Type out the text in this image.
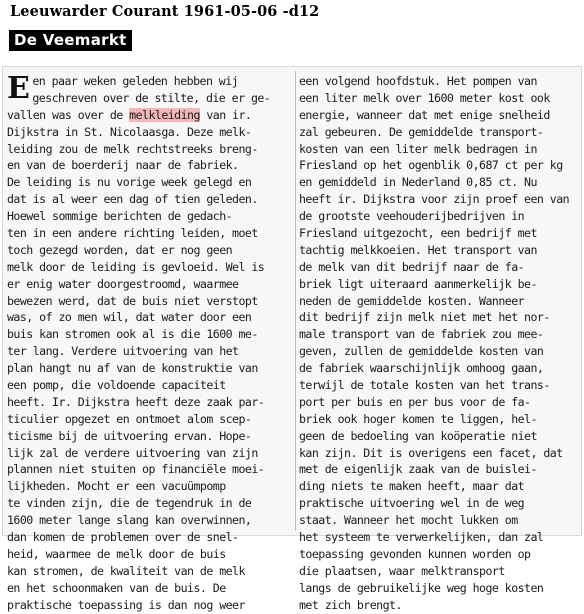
Leeuwarder Courant 1961-05-06 -d12
De Veemarkt
E en paar weken geleden hebben wij
geschreven over de stilte, die er ge-
vallen was over de melkleiding van ir.
Dijkstra in St. Nicolaasga. Deze melk-
leiding zou de melk rechtstreeks breng-
en van de boerderij naar de fabriek.
De leiding is nu vorige week gelegd en
dat is al weer een dag of tien geleden.
Hoewel sommige berichten de gedach-
ten in een andere richting leiden, moet
toch gezegd worden, dat er nog geen
melk door de leiding is gevloeid. Wel is
er enig water doorgestroomd, waarmee
bewezen werd, dat de buis niet verstopt
was, of zo men wil, dat water door een
buis kan stromen ook al is die 1600 me-
ter lang. Verdere uitvoering van het
plan hangt nu af van de konstruktie van
een pomp, die voldoende capaciteit
heeft. Ir. Dijkstra heeft deze zaak par-
ticulier opgezet en ontmoet alom scep-
ticisme bij de uitvoering ervan. Hope-
lijk zal de verdere uitvoering van zijn
plannen niet stuiten op financiële moei-
lijkheden. Mocht er een vacuümpomp
te vinden zijn, die de tegendruk in de
1600 meter lange slang kan overwinnen,
dan komen de problemen over de snel-
heid, waarmee de melk door de buis
kan stromen, de kwaliteit van de melk
en het schoonmaken van de buis. De
praktische toepassing is dan nog weer
een volgend hoofdstuk. Het pompen van
een liter melk over 1600 meter kost ook
energie, wanneer dat met enige snelheid
zal gebeuren. De gemiddelde transport-
kosten van een liter melk bedragen in
Friesland op het ogenblik 0,687 ct per kg
en gemiddeld in Nederland 0,85 ct. Nu
heeft ir. Dijkstra voor zijn proef een van
de grootste veehouderijbedrijven in
Friesland uitgezocht, een bedrijf met
tachtig melkkoeien. Het transport van
de melk van dit bedrijf naar de fa-
briek ligt uiteraard aanmerkelijk be-
neden de gemiddelde kosten. Wanneer
dit bedrijf zijn melk niet met het nor-
male transport van de fabriek zou mee-
geven, zullen de gemiddelde kosten van
de fabriek waarschijnlijk omhoog gaan,
terwijl de totale kosten van het trans-
port per buis en per bus voor de fa-
briek ook hoger komen te liggen, hel-
geen de bedoeling van koöperatie niet
kan zijn. Dit is overigens een facet, dat
met de eigenlijk zaak van de buislei-
ding niets te maken heeft, maar dat
praktische uitvoering wel in de weg
staat. Wanneer het mocht lukken om
het systeem te verwerkelijken, dan zal
toepassing gevonden kunnen worden op
die plaatsen, waar melktransport
langs de gebruikelijke weg hoge kosten
met zich brengt.
